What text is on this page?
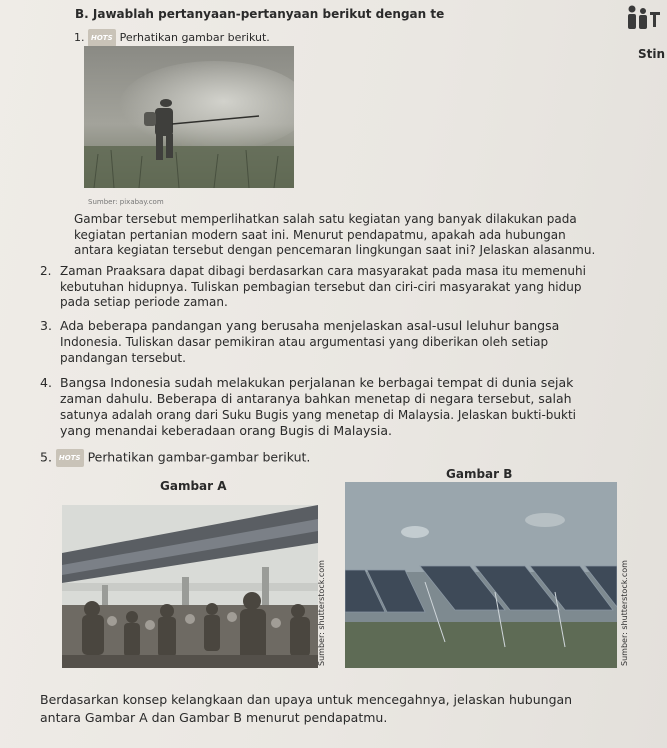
B. Jawablah pertanyaan-pertanyaan berikut dengan te
Stin
1. HOTS Perhatikan gambar berikut.
Sumber: pixabay.com
Gambar tersebut memperlihatkan salah satu kegiatan yang banyak dilakukan pada
kegiatan pertanian modern saat ini. Menurut pendapatmu, apakah ada hubungan
antara kegiatan tersebut dengan pencemaran lingkungan saat ini? Jelaskan alasanmu.
2. Zaman Praaksara dapat dibagi berdasarkan cara masyarakat pada masa itu memenuhi
kebutuhan hidupnya. Tuliskan pembagian tersebut dan ciri-ciri masyarakat yang hidup
pada setiap periode zaman.
3. Ada beberapa pandangan yang berusaha menjelaskan asal-usul leluhur bangsa
Indonesia. Tuliskan dasar pemikiran atau argumentasi yang diberikan oleh setiap
pandangan tersebut.
4. Bangsa Indonesia sudah melakukan perjalanan ke berbagai tempat di dunia sejak
zaman dahulu. Beberapa di antaranya bahkan menetap di negara tersebut, salah
satunya adalah orang dari Suku Bugis yang menetap di Malaysia. Jelaskan bukti-bukti
yang menandai keberadaan orang Bugis di Malaysia.
5. HOTS Perhatikan gambar-gambar berikut.
Gambar A
Gambar B
Sumber: shutterstock.com	Sumber: shutterstock.com
Berdasarkan konsep kelangkaan dan upaya untuk mencegahnya, jelaskan hubungan
antara Gambar A dan Gambar B menurut pendapatmu.
